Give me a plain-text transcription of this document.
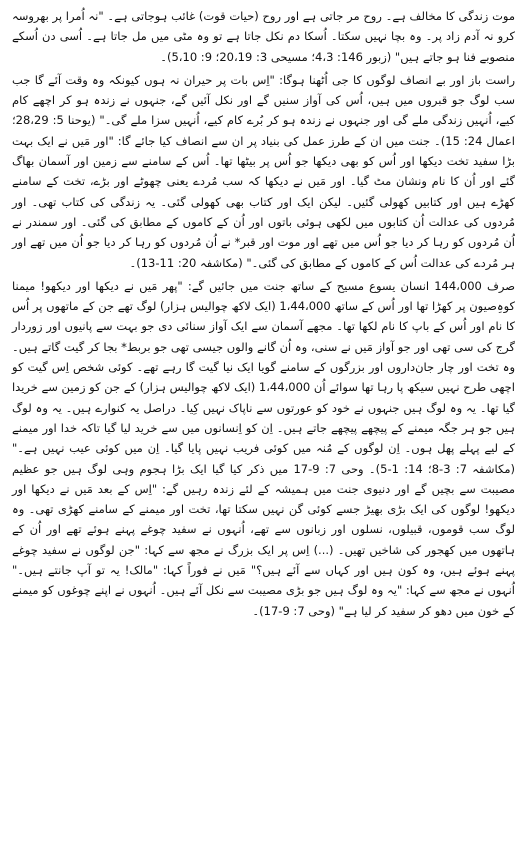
موت زندگی کا مخالف ہے۔ روح مر جاتی ہے اور روح (حیات قوت) غائب ہوجاتی ہے۔ "نہ اُمرا پر بھروسہ کرو نہ آدم زاد پر۔ وہ بچا نہیں سکتا۔ اُسکا دم نکل جاتا ہے تو وہ مٹی میں مل جاتا ہے۔ اُسی دن اُسکے منصوبے فنا ہو جاتے ہیں" (زبور 146: 4،3؛ مسیحی 3: 20،19؛ 9: 5،10)۔

راست باز اور بے انصاف لوگوں کا جی اُٹھنا ہوگا: "اِس بات پر حیران نہ ہوں کیونکہ وہ وقت آئے گا جب سب لوگ جو قبروں میں ہیں، اُس کی آواز سنیں گے اور نکل آئیں گے، جنہوں نے زندہ ہو کر اچھے کام کیے، اُنہیں زندگی ملے گی اور جنہوں نے زندہ ہو کر بُرے کام کیے، اُنہیں سزا ملے گی۔" (یوحنا 5: 28،29؛ اعمال 24: 15)۔ جنت میں ان کے طرز عمل کی بنیاد پر ان سے انصاف کیا جائے گا: "اور مَیں نے ایک بہت بڑا سفید تخت دیکھا اور اُس کو بھی دیکھا جو اُس پر بیٹھا تھا۔ اُس کے سامنے سے زمین اور آسمان بھاگ گئے اور اُن کا نام ونشان مٹ گیا۔ اور مَیں نے دیکھا کہ سب مُردے یعنی چھوٹے اور بڑے، تخت کے سامنے کھڑے ہیں اور کتابیں کھولی گئیں۔ لیکن ایک اور کتاب بھی کھولی گئی۔ یہ زندگی کی کتاب تھی۔ اور مُردوں کی عدالت اُن کتابوں میں لکھی ہوئی باتوں اور اُن کے کاموں کے مطابق کی گئی۔ اور سمندر نے اُن مُردوں کو رہا کر دیا جو اُس میں تھے اور موت اور قبر* نے اُن مُردوں کو رہا کر دیا جو اُن میں تھے اور ہر مُردے کی عدالت اُس کے کاموں کے مطابق کی گئی۔" (مکاشفہ 20: 11-13)۔

صرف 144،000 انسان یسوع مسیح کے ساتھ جنت میں جائیں گے: "پھر مَیں نے دیکھا اور دیکھو! میمنا کوہِ‌صیون پر کھڑا تھا اور اُس کے ساتھ 1،44،000 (ایک لاکھ چوالیس ہزار) لوگ تھے جن کے ماتھوں پر اُس کا نام اور اُس کے باپ کا نام لکھا تھا۔ مجھے آسمان سے ایک آواز سنائی دی جو بہت سے پانیوں اور زوردار گرج کی سی تھی اور جو آواز مَیں نے سنی، وہ اُن گانے والوں جیسی تھی جو بربط* بجا کر گیت گاتے ہیں۔ وہ تخت اور چار جان‌داروں اور بزرگوں کے سامنے گویا ایک نیا گیت گا رہے تھے۔ کوئی شخص اِس گیت کو اچھی طرح نہیں سیکھ پا رہا تھا سوائے اُن 1،44،000 (ایک لاکھ چوالیس ہزار) کے جن کو زمین سے خریدا گیا تھا۔ یہ وہ لوگ ہیں جنہوں نے خود کو عورتوں سے ناپاک نہیں کِیا۔ دراصل یہ کنوارے ہیں۔ یہ وہ لوگ ہیں جو ہر جگہ میمنے کے پیچھے پیچھے جاتے ہیں۔ اِن کو اِنسانوں میں سے خرید لیا گیا تاکہ خدا اور میمنے کے لیے پہلے پھل ہوں۔ اِن لوگوں کے مُنہ میں کوئی فریب نہیں پایا گیا۔ اِن میں کوئی عیب نہیں ہے۔" (مکاشفہ 7: 3-8؛ 14: 1-5)۔ وحی 7: 9-17 میں ذکر کیا گیا ایک بڑا ہجوم وہی لوگ ہیں جو عظیم مصیبت سے بچیں گے اور دنیوی جنت میں ہمیشہ کے لئے زندہ رہیں گے: "اِس کے بعد مَیں نے دیکھا اور دیکھو! لوگوں کی ایک بڑی بھیڑ جسے کوئی گن نہیں سکتا تھا، تخت اور میمنے کے سامنے کھڑی تھی۔ وہ لوگ سب قوموں، قبیلوں، نسلوں اور زبانوں سے تھے، اُنہوں نے سفید چوغے پہنے ہوئے تھے اور اُن کے ہاتھوں میں کھجور کی شاخیں تھیں۔ (...) اِس پر ایک بزرگ نے مجھ سے کہا: "جن لوگوں نے سفید چوغے پہنے ہوئے ہیں، وہ کون ہیں اور کہاں سے آئے ہیں؟" مَیں نے فوراً کہا: "مالک! یہ تو آپ جانتے ہیں۔" اُنہوں نے مجھ سے کہا: "یہ وہ لوگ ہیں جو بڑی مصیبت سے نکل آئے ہیں۔ اُنہوں نے اپنے چوغوں کو میمنے کے خون میں دھو کر سفید کر لیا ہے" (وحی 7: 9-17)۔
